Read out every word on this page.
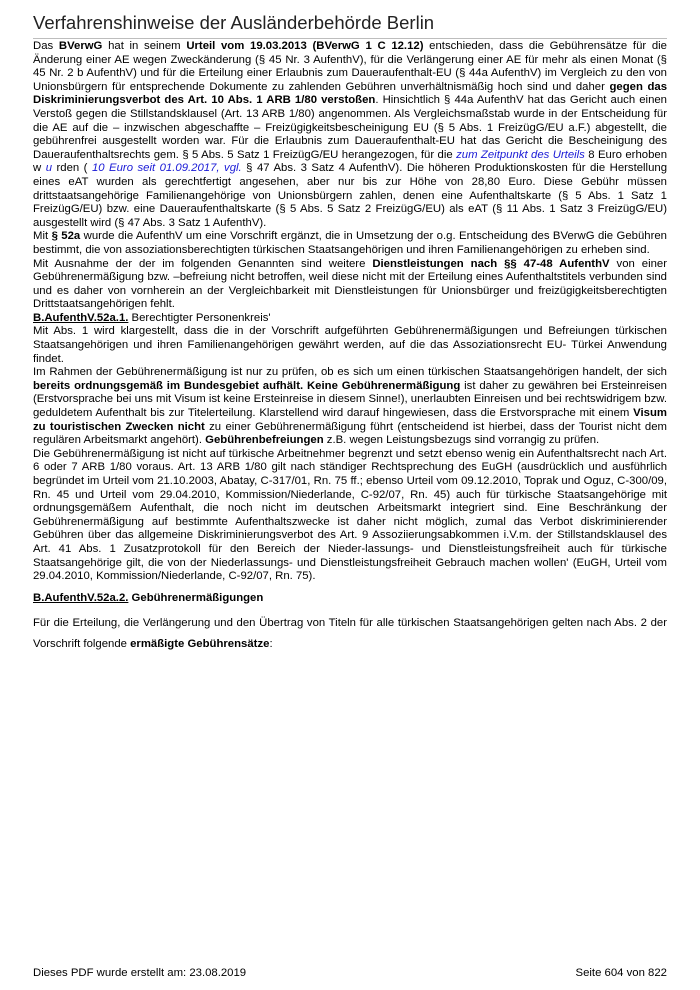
Verfahrenshinweise der Ausländerbehörde Berlin

Das BVerwG hat in seinem Urteil vom 19.03.2013 (BVerwG 1 C 12.12) entschieden, dass die Gebührensätze für die Änderung einer AE wegen Zweckänderung (§ 45 Nr. 3 AufenthV), für die Verlängerung einer AE für mehr als einen Monat (§ 45 Nr. 2 b AufenthV) und für die Erteilung einer Erlaubnis zum Daueraufenthalt-EU (§ 44a AufenthV) im Vergleich zu den von Unionsbürgern für entsprechende Dokumente zu zahlenden Gebühren unverhältnismäßig hoch sind und daher gegen das Diskriminierungsverbot des Art. 10 Abs. 1 ARB 1/80 verstoßen. Hinsichtlich § 44a AufenthV hat das Gericht auch einen Verstoß gegen die Stillstandsklausel (Art. 13 ARB 1/80) angenommen. Als Vergleichsmaßstab wurde in der Entscheidung für die AE auf die – inzwischen abgeschaffte – Freizügigkeitsbescheinigung EU (§ 5 Abs. 1 FreizügG/EU a.F.) abgestellt, die gebührenfrei ausgestellt worden war. Für die Erlaubnis zum Daueraufenthalt-EU hat das Gericht die Bescheinigung des Daueraufenthaltsrechts gem. § 5 Abs. 5 Satz 1 FreizügG/EU herangezogen, für die zum Zeitpunkt des Urteils 8 Euro erhoben w u rden ( 10 Euro seit 01.09.2017, vgl. § 47 Abs. 3 Satz 4 AufenthV). Die höheren Produktionskosten für die Herstellung eines eAT wurden als gerechtfertigt angesehen, aber nur bis zur Höhe von 28,80 Euro. Diese Gebühr müssen drittstaatsangehörige Familienangehörige von Unionsbürgern zahlen, denen eine Aufenthaltskarte (§ 5 Abs. 1 Satz 1 FreizügG/EU) bzw. eine Daueraufenthaltskarte (§ 5 Abs. 5 Satz 2 FreizügG/EU) als eAT (§ 11 Abs. 1 Satz 3 FreizügG/EU) ausgestellt wird (§ 47 Abs. 3 Satz 1 AufenthV).

Mit § 52a wurde die AufenthV um eine Vorschrift ergänzt, die in Umsetzung der o.g. Entscheidung des BVerwG die Gebühren bestimmt, die von assoziationsberechtigten türkischen Staatsangehörigen und ihren Familienangehörigen zu erheben sind.

Mit Ausnahme der der im folgenden Genannten sind weitere Dienstleistungen nach §§ 47-48 AufenthV von einer Gebührenermäßigung bzw. –befreiung nicht betroffen, weil diese nicht mit der Erteilung eines Aufenthaltstitels verbunden sind und es daher von vornherein an der Vergleichbarkeit mit Dienstleistungen für Unionsbürger und freizügigkeitsberechtigten Drittstaatsangehörigen fehlt.

B.AufenthV.52a.1. Berechtigter Personenkreis'

Mit Abs. 1 wird klargestellt, dass die in der Vorschrift aufgeführten Gebührenermäßigungen und Befreiungen türkischen Staatsangehörigen und ihren Familienangehörigen gewährt werden, auf die das Assoziationsrecht EU- Türkei Anwendung findet.

Im Rahmen der Gebührenermäßigung ist nur zu prüfen, ob es sich um einen türkischen Staatsangehörigen handelt, der sich bereits ordnungsgemäß im Bundesgebiet aufhält. Keine Gebührenermäßigung ist daher zu gewähren bei Ersteinreisen (Erstvorsprache bei uns mit Visum ist keine Ersteinreise in diesem Sinne!), unerlaubten Einreisen und bei rechtswidrigem bzw. geduldetem Aufenthalt bis zur Titelerteilung. Klarstellend wird darauf hingewiesen, dass die Erstvorsprache mit einem Visum zu touristischen Zwecken nicht zu einer Gebührenermäßigung führt (entscheidend ist hierbei, dass der Tourist nicht dem regulären Arbeitsmarkt angehört). Gebührenbefreiungen z.B. wegen Leistungsbezugs sind vorrangig zu prüfen.

Die Gebührenermäßigung ist nicht auf türkische Arbeitnehmer begrenzt und setzt ebenso wenig ein Aufenthaltsrecht nach Art. 6 oder 7 ARB 1/80 voraus. Art. 13 ARB 1/80 gilt nach ständiger Rechtsprechung des EuGH (ausdrücklich und ausführlich begründet im Urteil vom 21.10.2003, Abatay, C-317/01, Rn. 75 ff.; ebenso Urteil vom 09.12.2010, Toprak und Oguz, C-300/09, Rn. 45 und Urteil vom 29.04.2010, Kommission/Niederlande, C-92/07, Rn. 45) auch für türkische Staatsangehörige mit ordnungsgemäßem Aufenthalt, die noch nicht im deutschen Arbeitsmarkt integriert sind. Eine Beschränkung der Gebührenermäßigung auf bestimmte Aufenthaltszwecke ist daher nicht möglich, zumal das Verbot diskriminierender Gebühren über das allgemeine Diskriminierungsverbot des Art. 9 Assoziierungsabkommen i.V.m. der Stillstandsklausel des Art. 41 Abs. 1 Zusatzprotokoll für den Bereich der Nieder-lassungs- und Dienstleistungsfreiheit auch für türkische Staatsangehörige gilt, die von der Niederlassungs- und Dienstleistungsfreiheit Gebrauch machen wollen' (EuGH, Urteil vom 29.04.2010, Kommission/Niederlande, C-92/07, Rn. 75).

B.AufenthV.52a.2. Gebührenermäßigungen

Für die Erteilung, die Verlängerung und den Übertrag von Titeln für alle türkischen Staatsangehörigen gelten nach Abs. 2 der Vorschrift folgende ermäßigte Gebührensätze:

Dieses PDF wurde erstellt am: 23.08.2019	Seite 604 von 822
